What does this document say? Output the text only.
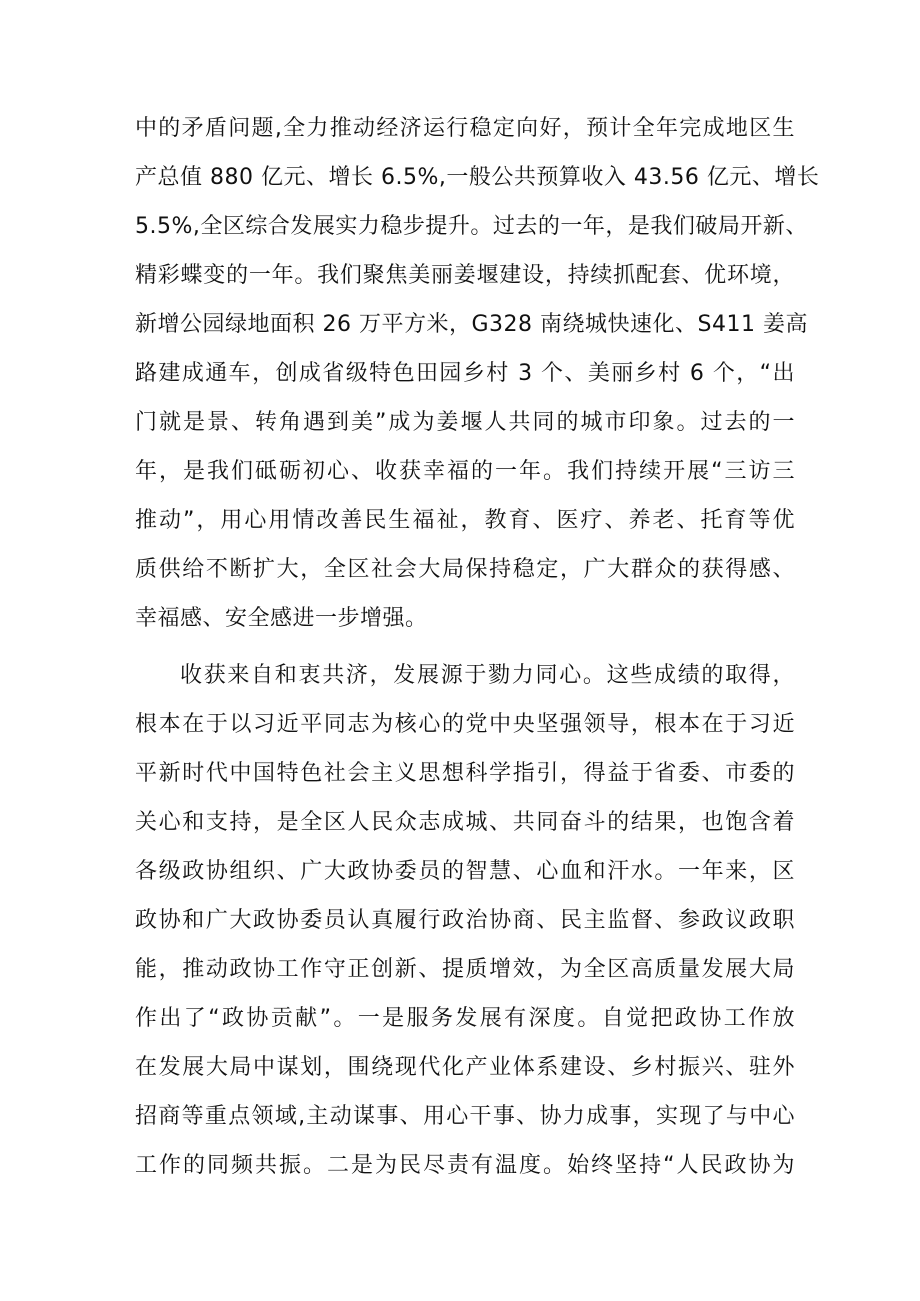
中的矛盾问题,全力推动经济运行稳定向好，预计全年完成地区生
产总值 880 亿元、增长 6.5%,一般公共预算收入 43.56 亿元、增长
5.5%,全区综合发展实力稳步提升。过去的一年，是我们破局开新、
精彩蝶变的一年。我们聚焦美丽姜堰建设，持续抓配套、优环境，
新增公园绿地面积 26 万平方米，G328 南绕城快速化、S411 姜高
路建成通车，创成省级特色田园乡村 3 个、美丽乡村 6 个，“出
门就是景、转角遇到美”成为姜堰人共同的城市印象。过去的一
年，是我们砥砺初心、收获幸福的一年。我们持续开展“三访三
推动”，用心用情改善民生福祉，教育、医疗、养老、托育等优
质供给不断扩大，全区社会大局保持稳定，广大群众的获得感、
幸福感、安全感进一步增强。
收获来自和衷共济，发展源于勠力同心。这些成绩的取得，
根本在于以习近平同志为核心的党中央坚强领导，根本在于习近
平新时代中国特色社会主义思想科学指引，得益于省委、市委的
关心和支持，是全区人民众志成城、共同奋斗的结果，也饱含着
各级政协组织、广大政协委员的智慧、心血和汗水。一年来，区
政协和广大政协委员认真履行政治协商、民主监督、参政议政职
能，推动政协工作守正创新、提质增效，为全区高质量发展大局
作出了“政协贡献”。一是服务发展有深度。自觉把政协工作放
在发展大局中谋划，围绕现代化产业体系建设、乡村振兴、驻外
招商等重点领域,主动谋事、用心干事、协力成事，实现了与中心
工作的同频共振。二是为民尽责有温度。始终坚持“人民政协为
